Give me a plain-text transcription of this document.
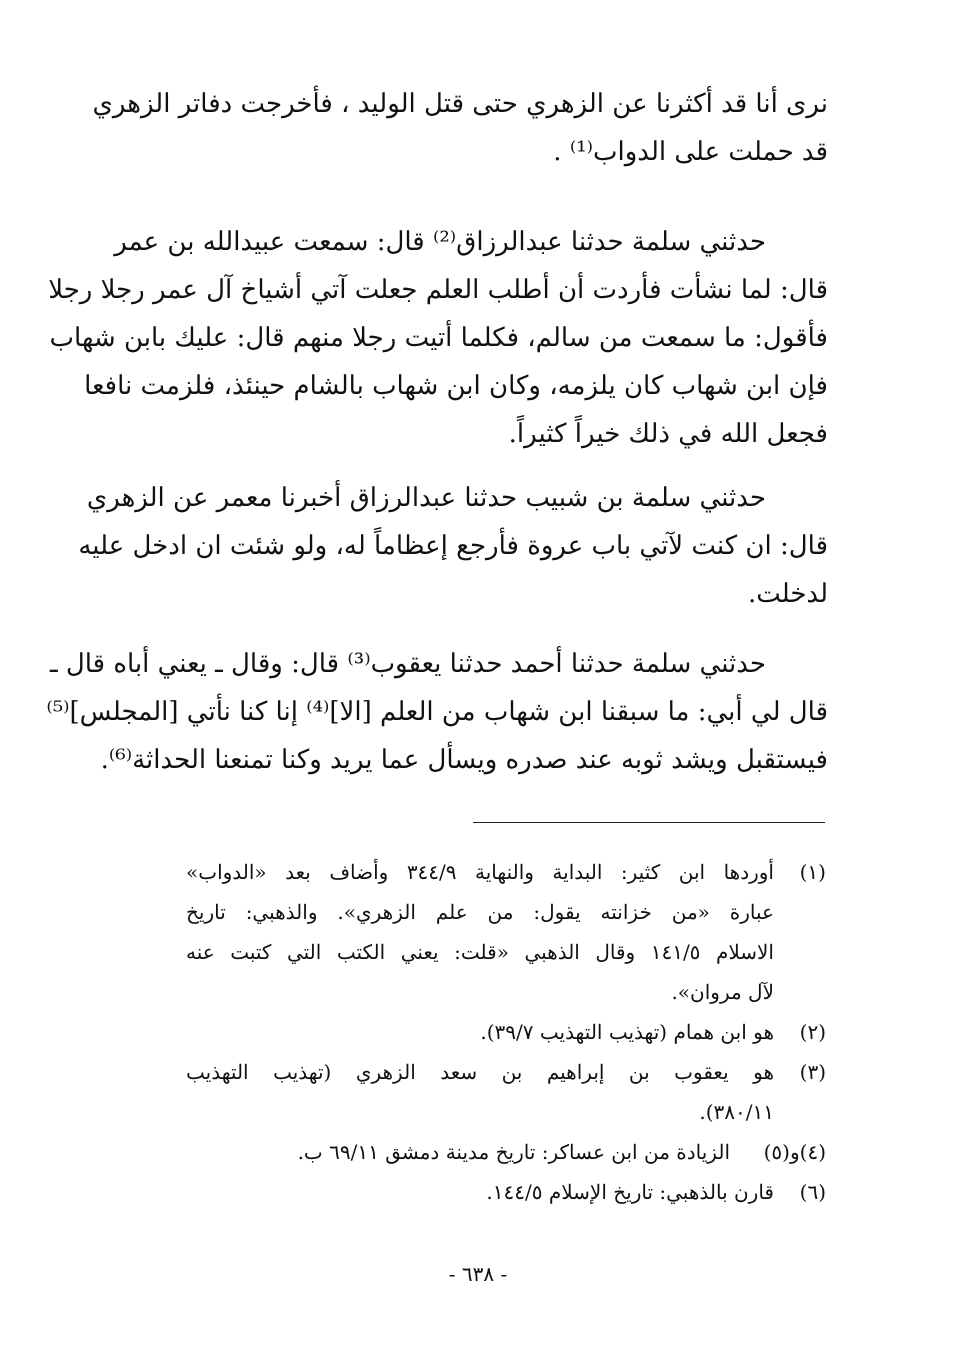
نرى أنا قد أكثرنا عن الزهري حتى قتل الوليد ، فأخرجت دفاتر الزهري
قد حملت على الدواب⁽¹⁾ .
حدثني سلمة حدثنا عبدالرزاق⁽²⁾ قال: سمعت عبيدالله بن عمر
قال: لما نشأت فأردت أن أطلب العلم جعلت آتي أشياخ آل عمر رجلا رجلا
فأقول: ما سمعت من سالم، فكلما أتيت رجلا منهم قال: عليك بابن شهاب
فإن ابن شهاب كان يلزمه، وكان ابن شهاب بالشام حينئذ، فلزمت نافعا
فجعل الله في ذلك خيراً كثيراً.
حدثني سلمة بن شبيب حدثنا عبدالرزاق أخبرنا معمر عن الزهري
قال: ان كنت لآتي باب عروة فأرجع إعظاماً له، ولو شئت ان ادخل عليه
لدخلت.
حدثني سلمة حدثنا أحمد حدثنا يعقوب⁽³⁾ قال: وقال ـ يعني أباه قال ـ
قال لي أبي: ما سبقنا ابن شهاب من العلم [الا]⁽⁴⁾ إنا كنا نأتي [المجلس]⁽⁵⁾
فيستقبل ويشد ثوبه عند صدره ويسأل عما يريد وكنا تمنعنا الحداثة⁽⁶⁾.
(١)أوردها ابن كثير: البداية والنهاية ٣٤٤/٩ وأضاف بعد «الدواب»
عبارة «من خزانته يقول: من علم الزهري». والذهبي: تاريخ
الاسلام ١٤١/٥ وقال الذهبي «قلت: يعني الكتب التي كتبت عنه
لآل مروان».
(٢)هو ابن همام (تهذيب التهذيب ٣٩/٧).
(٣)هو يعقوب بن إبراهيم بن سعد الزهري (تهذيب التهذيب
٣٨٠/١١).
(٤)و(٥)الزيادة من ابن عساكر: تاريخ مدينة دمشق ٦٩/١١ ب.
(٦)قارن بالذهبي: تاريخ الإسلام ١٤٤/٥.
- ٦٣٨ -
